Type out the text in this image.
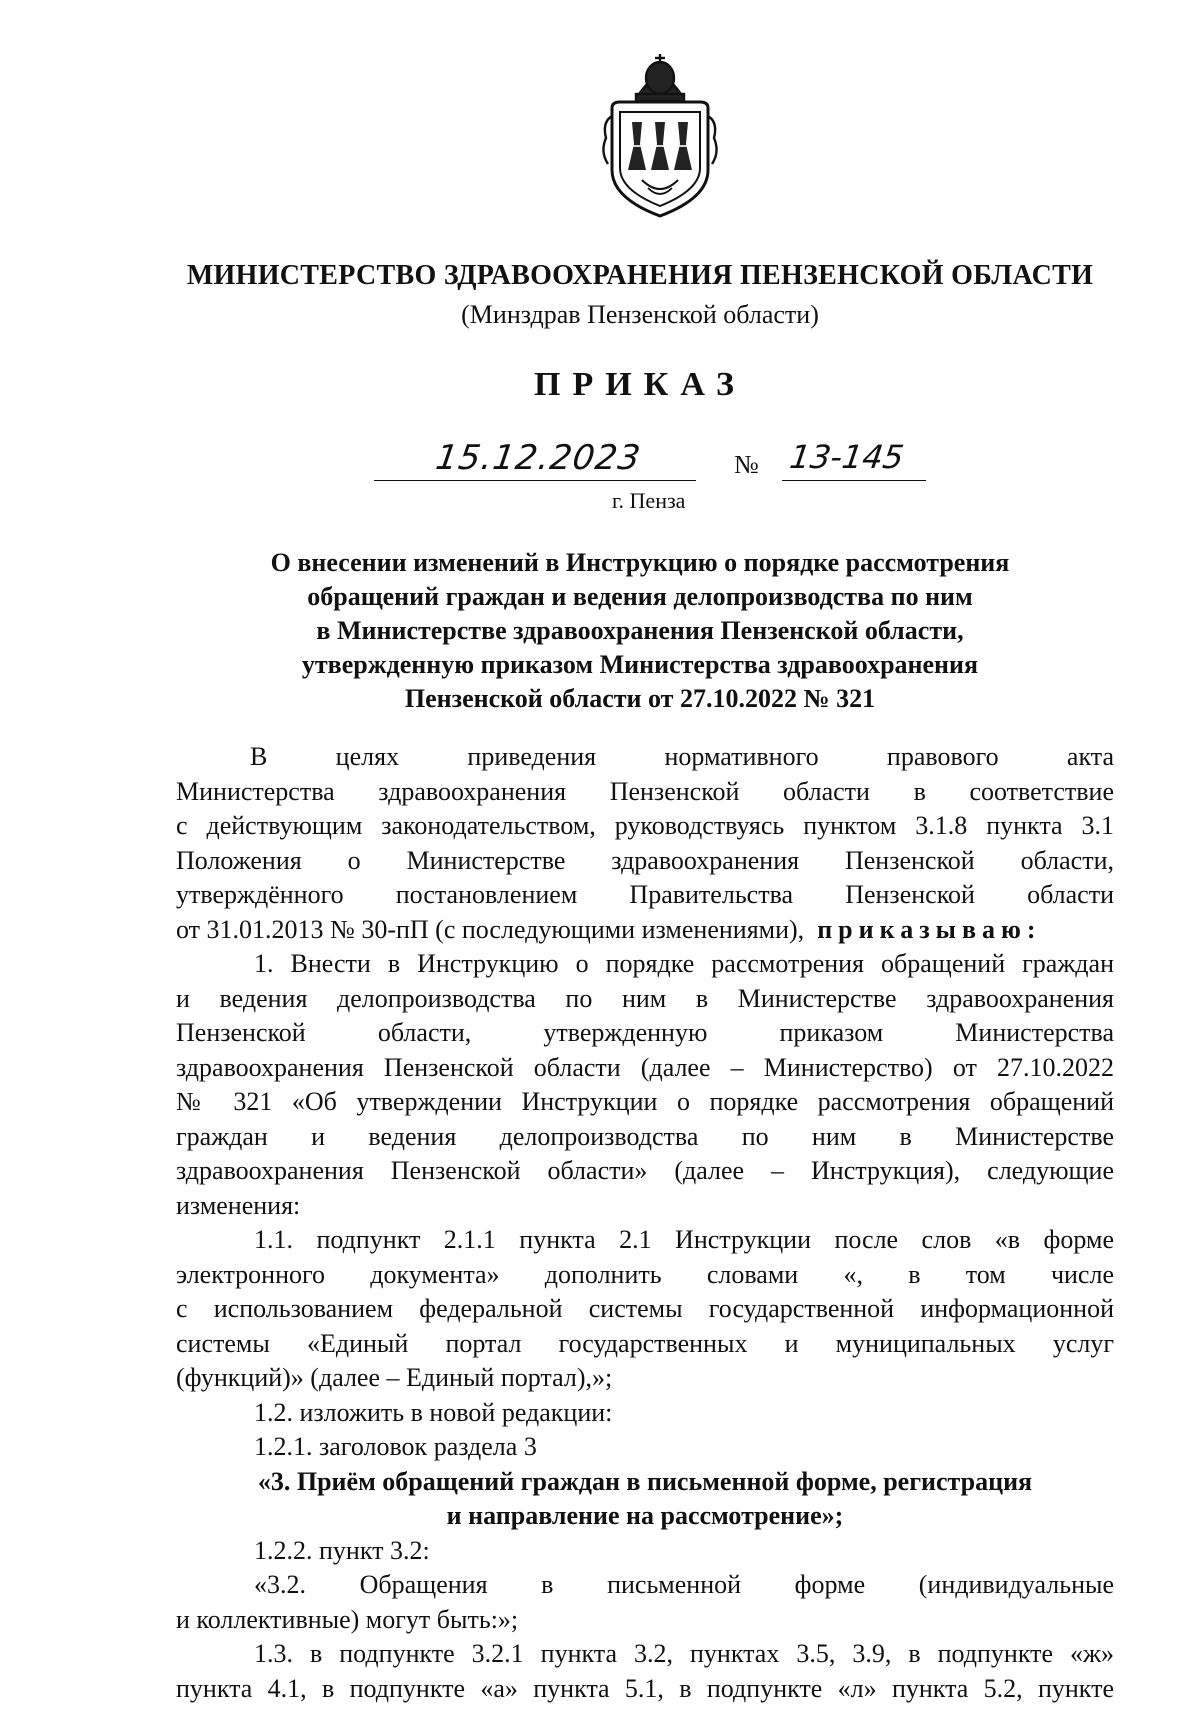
МИНИСТЕРСТВО ЗДРАВООХРАНЕНИЯ ПЕНЗЕНСКОЙ ОБЛАСТИ
(Минздрав Пензенской области)
ПРИКАЗ
15.12.2023	№ 13-145
г. Пенза
О внесении изменений в Инструкцию о порядке рассмотрения
обращений граждан и ведения делопроизводства по ним
в Министерстве здравоохранения Пензенской области,
утвержденную приказом Министерства здравоохранения
Пензенской области от 27.10.2022 № 321
В целях приведения нормативного правового акта
Министерства здравоохранения Пензенской области в соответствие
с действующим законодательством, руководствуясь пунктом 3.1.8 пункта 3.1
Положения о Министерстве здравоохранения Пензенской области,
утверждённого постановлением Правительства Пензенской области
от 31.01.2013 № 30-пП (с последующими изменениями), приказываю:
1. Внести в Инструкцию о порядке рассмотрения обращений граждан
и ведения делопроизводства по ним в Министерстве здравоохранения
Пензенской области, утвержденную приказом Министерства
здравоохранения Пензенской области (далее – Министерство) от 27.10.2022
№ 321 «Об утверждении Инструкции о порядке рассмотрения обращений
граждан и ведения делопроизводства по ним в Министерстве
здравоохранения Пензенской области» (далее – Инструкция), следующие
изменения:
1.1. подпункт 2.1.1 пункта 2.1 Инструкции после слов «в форме
электронного документа» дополнить словами «, в том числе
с использованием федеральной системы государственной информационной
системы «Единый портал государственных и муниципальных услуг
(функций)» (далее – Единый портал),»;
1.2. изложить в новой редакции:
1.2.1. заголовок раздела 3
«3. Приём обращений граждан в письменной форме, регистрация
и направление на рассмотрение»;
1.2.2. пункт 3.2:
«3.2. Обращения в письменной форме (индивидуальные
и коллективные) могут быть:»;
1.3. в подпункте 3.2.1 пункта 3.2, пунктах 3.5, 3.9, в подпункте «ж»
пункта 4.1, в подпункте «а» пункта 5.1, в подпункте «л» пункта 5.2, пункте
